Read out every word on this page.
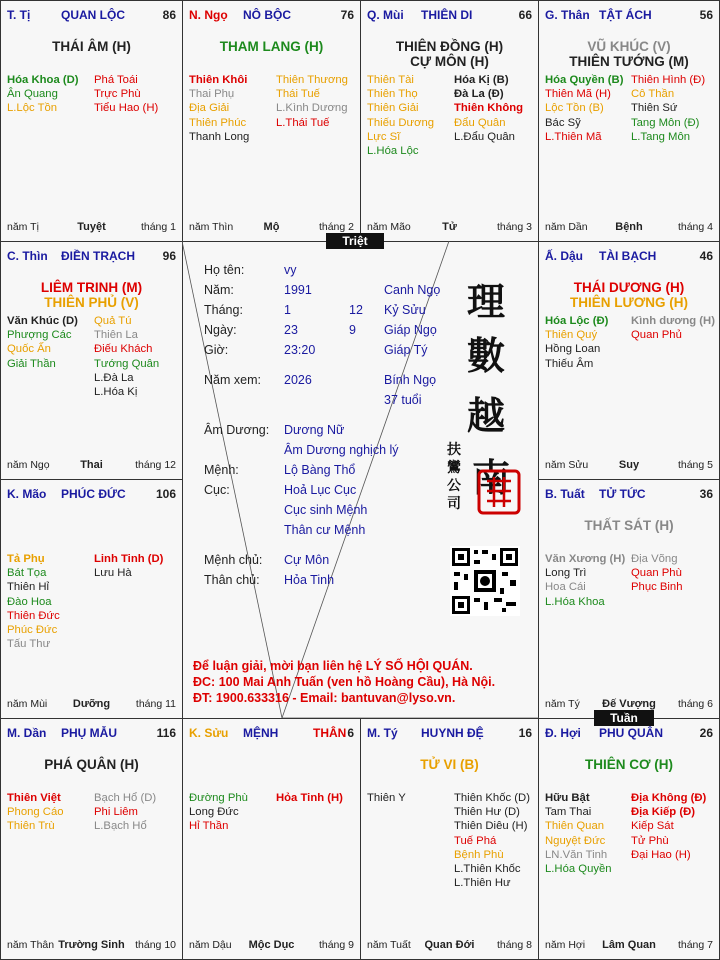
T. Tị	QUAN LỘC	86
THÁI ÂM (H)
Hóa Khoa (D)
Ân Quang
L.Lộc Tồn
Phá Toái
Trực Phù
Tiểu Hao (H)
năm Tị	Tuyệt	tháng 1
N. Ngọ NÔ BỘC	76
THAM LANG (H)
Thiên Khôi
Thai Phụ
Địa Giải
Thiên Phúc
Thanh Long
Thiên Thương
Thái Tuế
L.Kình Dương
L.Thái Tuế
năm Thìn	Mộ	tháng 2
Q. Mùi THIÊN DI	66
THIÊN ĐỒNG (H)
CỰ MÔN (H)
Thiên Tài
Thiên Thọ
Thiên Giải
Thiếu Dương
Lực Sĩ
L.Hóa Lộc
Hóa Kị (B)
Đà La (Đ)
Thiên Không
Đẩu Quân
L.Đẩu Quân
năm Mão	Tử	tháng 3
G. Thân TẬT ÁCH	56
VŨ KHÚC (V)
THIÊN TƯỚNG (M)
Hóa Quyền (B)
Thiên Mã (H)
Lộc Tồn (B)
Bác Sỹ
L.Thiên Mã
Thiên Hình (Đ)
Cô Thần
Thiên Sứ
Tang Môn (Đ)
L.Tang Môn
năm Dần	Bệnh	tháng 4
C. Thìn ĐIỀN TRẠCH 96
LIÊM TRINH (M)
THIÊN PHỦ (V)
Văn Khúc (D)
Phượng Các
Quốc Ấn
Giải Thần
Quả Tú
Thiên La
Điếu Khách
Tướng Quân
L.Đà La
L.Hóa Kị
năm Ngọ	Thai	tháng 12
Ấ. Dậu TÀI BẠCH	46
THÁI DƯƠNG (H)
THIÊN LƯƠNG (H)
Hóa Lộc (Đ)
Thiên Quý
Hồng Loan
Thiếu Âm
Kình dương (H)
Quan Phủ
năm Sửu	Suy	tháng 5
K. Mão PHÚC ĐỨC	106
Tả Phụ
Bát Tọa
Thiên Hỉ
Đào Hoa
Thiên Đức
Phúc Đức
Tấu Thư
Linh Tinh (D)
Lưu Hà
năm Mùi	Dưỡng	tháng 11
B. Tuất TỬ TỨC	36
THẤT SÁT (H)
Văn Xương (H)
Long Trì
Hoa Cái
L.Hóa Khoa
Địa Võng
Quan Phù
Phục Binh
năm Tý	Đế Vượng	tháng 6
M. Dần PHỤ MẪU	116
PHÁ QUÂN (H)
Thiên Việt
Phong Cáo
Thiên Trù
Bạch Hổ (D)
Phi Liêm
L.Bạch Hổ
năm Thân Trường Sinh tháng 10
K. Sửu MỆNH	THÂN 6
Đường Phù
Long Đức
Hỉ Thần
Hỏa Tinh (H)
năm Dậu	Mộc Dục	tháng 9
M. Tý HUYNH ĐỆ	16
TỬ VI (B)
Thiên Y	Thiên Khốc (D)
Thiên Hư (D)
Thiên Diêu (H)
Tuế Phá
Bệnh Phù
L.Thiên Khốc
L.Thiên Hư
năm Tuất	Quan Đới	tháng 8
Đ. Hợi PHU QUÂN	26
THIÊN CƠ (H)
Hữu Bật
Tam Thai
Thiên Quan
Nguyệt Đức
LN.Văn Tinh
L.Hóa Quyền
Địa Không (Đ)
Địa Kiếp (Đ)
Kiếp Sát
Tử Phù
Đại Hao (H)
năm Hợi	Lâm Quan	tháng 7
Họ tên:	vy
Năm:	1991	Canh Ngọ
Tháng:	1	12 Kỷ Sửu
Ngày:	23	9 Giáp Ngọ
Giờ:	23:20	Giáp Tý
Năm xem: 2026	Bính Ngọ
37 tuổi
Âm Dương: Dương Nữ
Âm Dương nghịch lý
Mệnh:	Lộ Bàng Thổ
Cục:	Hoả Lục Cục
Cục sinh Mệnh
Thân cư Mệnh
Mệnh chủ: Cự Môn
Thân chủ: Hỏa Tinh
理
數
越
南
扶鸞公司
Để luận giải, mời bạn liên hệ LÝ SỐ HỘI QUÁN.
ĐC: 100 Mai Anh Tuấn (ven hồ Hoàng Cầu), Hà Nội.
ĐT: 1900.633316 - Email: bantuvan@lyso.vn.
Triệt
Tuần
